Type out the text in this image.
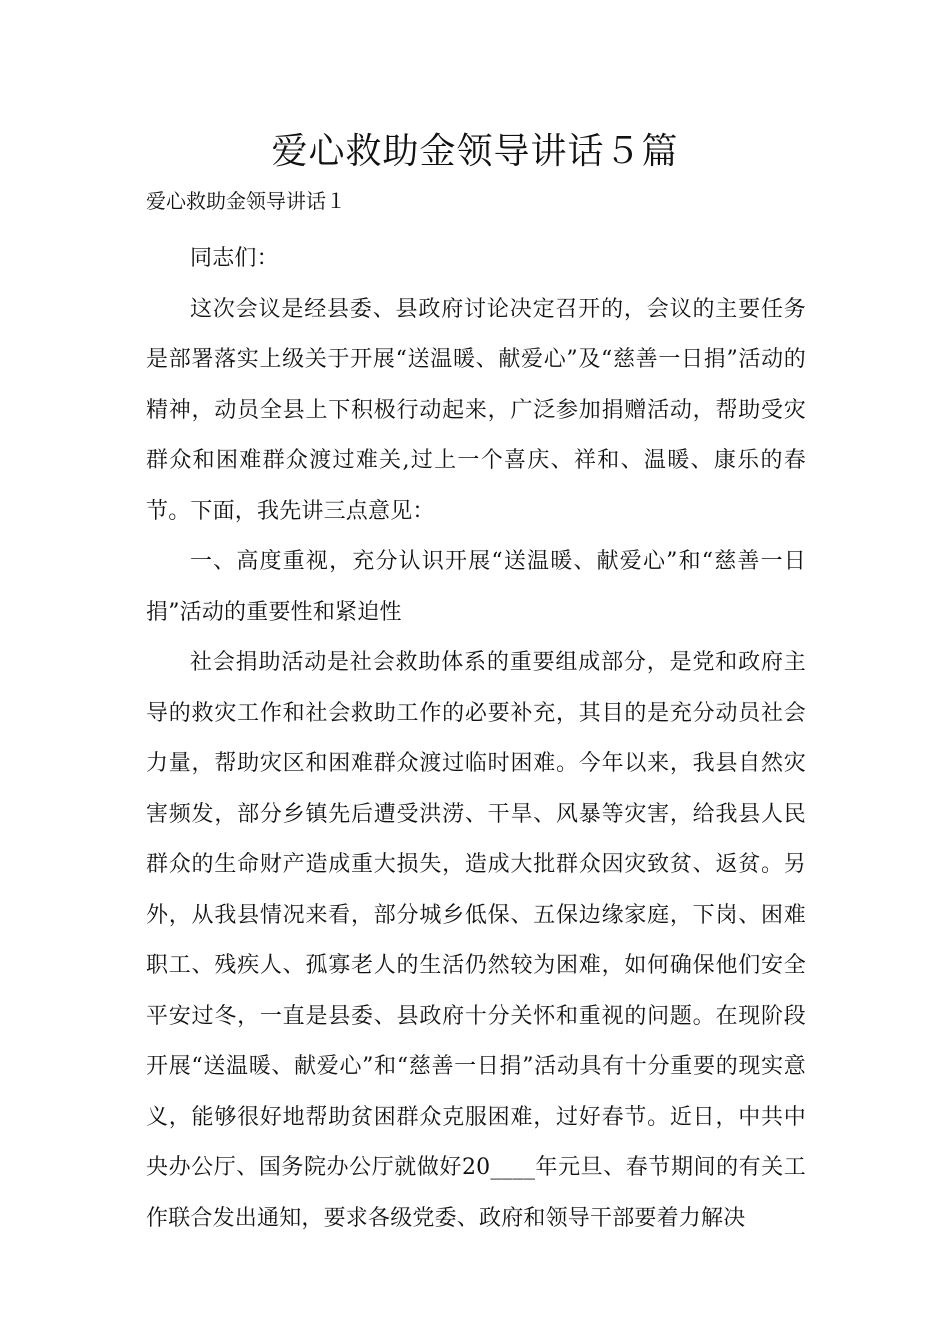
爱心救助金领导讲话５篇

爱心救助金领导讲话１

同志们：

这次会议是经县委、县政府讨论决定召开的，会议的主要任务是部署落实上级关于开展“送温暖、献爱心”及“慈善一日捐”活动的精神，动员全县上下积极行动起来，广泛参加捐赠活动，帮助受灾群众和困难群众渡过难关,过上一个喜庆、祥和、温暖、康乐的春节。下面，我先讲三点意见：

一、高度重视，充分认识开展“送温暖、献爱心”和“慈善一日捐”活动的重要性和紧迫性

社会捐助活动是社会救助体系的重要组成部分，是党和政府主导的救灾工作和社会救助工作的必要补充，其目的是充分动员社会力量，帮助灾区和困难群众渡过临时困难。今年以来，我县自然灾害频发，部分乡镇先后遭受洪涝、干旱、风暴等灾害，给我县人民群众的生命财产造成重大损失，造成大批群众因灾致贫、返贫。另外，从我县情况来看，部分城乡低保、五保边缘家庭，下岗、困难职工、残疾人、孤寡老人的生活仍然较为困难，如何确保他们安全平安过冬，一直是县委、县政府十分关怀和重视的问题。在现阶段开展“送温暖、献爱心”和“慈善一日捐”活动具有十分重要的现实意义，能够很好地帮助贫困群众克服困难，过好春节。近日，中共中央办公厅、国务院办公厅就做好20____年元旦、春节期间的有关工作联合发出通知，要求各级党委、政府和领导干部要着力解决
